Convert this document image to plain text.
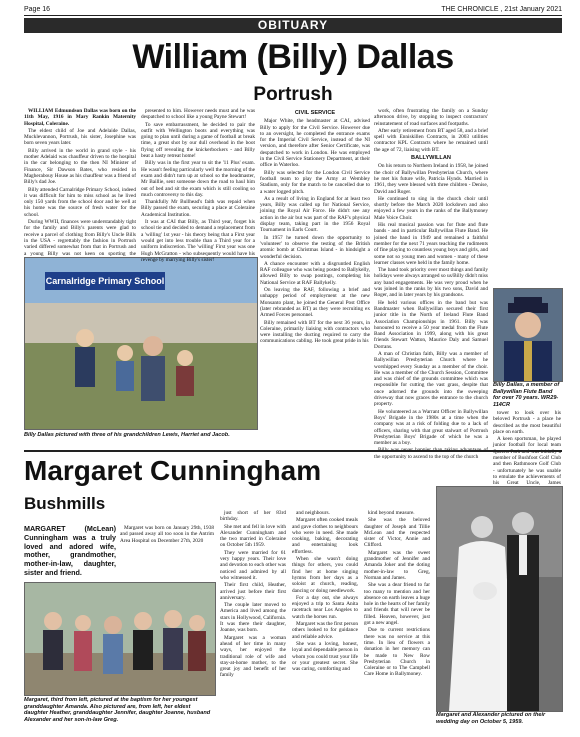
Page 16	THE CHRONICLE , 21st January 2021
OBITUARY
William (Billy) Dallas
Portrush

WILLIAM Edmundson Dallas was born on the 11th May, 1916 in Mary Rankin Maternity Hospital, Coleraine.

The eldest child of Joe and Adelaide Dallas, Mucklevannon, Portrush, his sister, Josephine was born seven years later.

Billy arrived in the world in grand style - his mother Adelaid was chauffeur driven to the hospital in the car belonging to the then NI Minister of Finance, Sir Dawson Bates, who resided in Magherabouy House as his chauffeur was a friend of Billy's dad Joe.

Billy attended Carnalridge Primary School, indeed it was difficult for him to miss school as he lived only 150 yards from the school door and he well at his home was the source of fresh water for the school.

During WWII, finances were understandably tight for the family and Billy's parents were glad to receive a parcel of clothing from Billy's Uncle Bills in the USA - regrettably the fashion in Portrush varied differed somewhat from that in Portrush and a young Billy was not keen on sporting the

Carnalridge Primary School
Billy Dallas pictured with three of his grandchildren Lewis, Harriet and Jacob.

presented to him. However needs must and he was despatched to school like a young Payne Stewart!

To save embarrassment, he decided to pair the outfit with Wellington boots and everything was going to plan until during a game of football at break time, a great shot by our dull overhead in the boot flying off revealing the knickerbockers - and Billy beat a hasty retreat home!

Billy was in the first year to sit the '11 Plus' exam. He wasn't feeling particularly well the morning of the exam and didn't turn up at school so the headmaster, Mr Baillie, sent someone down the road to haul him out of bed and sit the exam which is still cooling so much controversy to this day.

Thankfully Mr Bullhead's faith was repaid when Billy passed the exam, securing a place at Coleraine Academical Institution.

It was at CAI that Billy, as Third year, forget his school tie and decided to demand a replacement from a 'willing' 1st year - his theory being that a First year would get into less trouble than a Third year for a uniform indiscretion. The 'willing' First year was one Hugh McGratton - who subsequently would have his revenge by marrying Billy's sister!

CIVIL SERVICE

Major White, the headmaster at CAI, advised Billy to apply for the Civil Service. However due to an oversight, he completed the entrance exams for the Imperial Civil Service, instead of the NI version, and therefore after Senior Certificate, was despatched to work in London. He was employed in the Civil Service Stationery Department, at their office in Waterloo.

Billy was selected for the London Civil Service football team to play the Army at Wembley Stadium, only for the match to be cancelled due to a water logged pitch.

As a result of living in England for at least two years, Billy was called up for National Service, joining the Royal Air Force. He didn't see any action in the air but was part of the RAF's physical display team, taking part in the 1956 Royal Tournament in Earls Court.

In 1957 he turned down the opportunity to 'volunteer' to observe the testing of the British atomic bomb at Christmas Island - in hindsight a wonderful decision.

A chance encounter with a disgruntled English RAF colleague who was being posted to Ballykelly, allowed Billy to swap postings, completing his National Service at RAF Ballykelly.

On leaving the RAF, following a brief and unhappy period of employment at the new Monsanto plant, he joined the General Post Office (later rebranded as BT) as they were recruiting ex Armed Forces personnel.

Billy remained with BT for the next 36 years, in Coleraine, primarily liaising with contractors who were installing the ducting required to carry the communications cabling. He took great pride in his

work, often frustrating the family on a Sunday afternoon drive, by stopping to inspect contractors' reinstatement of road surfaces and footpaths.

After early retirement from BT aged 58, and a brief spell with Enniskillen Contracts, in 2003 utilities contractor KPL Contracts where he remained until the age of 72, liaising with BT.

BALLYWILLAN

On his return to Northern Ireland in 1958, he joined the choir of Ballywillan Presbyterian Church, where he met his future wife, Patricia Hynds. Married in 1961, they were blessed with three children - Denise, David and Roger.

He continued to sing in the church choir until shortly before the March 2020 lockdown and also enjoyed a few years in the ranks of the Ballymoney Male Voice Choir.

His real musical passion was for flute and flute bands - and in particular Ballywillan Flute Band. He joined the band in 1949 and remained a faithful member for the next 71 years teaching the rudiments of fine playing to countless young boys and girls, and some not so young men and women - many of these learner classes were held in the family home.

The band took priority over most things and family holidays were always arranged so us/Billy didn't miss any band engagements. He was very proud when he was joined in the ranks by his two sons, David and Roger, and in later years by his grandsons.

He held various offices in the band but was Bandmaster when Ballywillan secured their first junior title in the North of Ireland Flute Band Association Championships in 1961. Billy was honoured to receive a 50 year medal from the Flute Band Association in 1999, along with his great friends Stewart Watton, Maurice Daly and Samuel Dorrans.

A man of Christian faith, Billy was a member of Ballywillan Presbyterian Church where he worshipped every Sunday as a member of the choir. He was a member of the Church Session, Committee and was chief of the grounds committee which was responsible for cutting the vast grass, despite that once adorned the grounds into the sweeping driveway that now graces the entrance to the church property.

He volunteered as a Warrant Officer in Ballywillan Boys' Brigade in the 1980s at a time when the company was at a risk of folding due to a lack of officers, sharing with that great stalwart of Portrush Presbyterian Boys' Brigade of which he was a member as a boy.

the opportunity to ascend to the top of the church

Billy Dallas, a member of Ballywillan Flute Band for over 70 years. WR29-114CR

tower to look over his beloved Portrush - a place he described as the most beautiful place on earth.

A keen sportsman, he played junior football for local team member of Bushfoot Golf Club and then Rathmoore Golf Club - unfortunately he was unable to emulate the achievements of his Great Uncle, James

Margaret Cunningham
Bushmills
MARGARET (McLean) Cunningham was a truly loved and adored wife, mother, grandmother, mother-in-law, daughter, sister and friend.
Margaret, third from left, pictured at the baptism for her youngest granddaughter Amanda. Also pictured are, from left, her eldest daughter Heather, granddaughter Jennifer, daughter Joanne, husband Alexander and her son-in-law Greg.

Margaret was born on January 29th, 1938 and passed away all too soon in the Antrim Area Hospital on December 27th, 2020

just short of her 83rd birthday.

She met and fell in love with Alexander Cunningham and the two married in Coleraine on October 5th 1959.

They were married for 61 very happy years. Their love and devotion to each other was noticed and admired by all who witnessed it.

Their first child, Heather, arrived just before their first anniversary.

The couple later moved to America and lived among the stars in Hollywood, California. It was there their daughter, Joanne, was born.

Margaret was a woman ahead of her time in many ways, her enjoyed the traditional role of wife and stay-at-home mother, to the great joy and benefit of her family

and neighbours.

Margaret often cooked meals and gave clothes to neighbours who were in need. She made cooking, baking, decorating and entertaining look effortless.

When she wasn't doing things for others, you could find her at home singing hymns from her days as a soloist at church, reading, dancing or doing needlework.

For a day out, she always enjoyed a trip to Santa Anita racetrack near Los Angeles to watch the horses run.

Margaret was the first person others looked to for guidance and reliable advice.

She was a loving, honest, loyal and dependable person in whom you could trust your life or your greatest secret. She was caring, comforting and

kind beyond measure.

She was the beloved daughter of Joseph and Tillie McLean and the respected sister of Victor, Annie and Clifford.

Margaret was the sweet grandmother of Jennifer and Amanda Joker and the doting mother-in-law to Greg, Norman and James.

She was a dear friend to far too many to mention and her absence on earth leaves a huge hole in the hearts of her family and friends that will never be filled. Heaven, however, just got a new angel.

Due to current restrictions there was no service at this time. In lieu of flowers a donation in her memory can be made to New Row Presbyterian Church in Coleraine or to The Campbell Care Home in Ballymoney.

Margaret and Alexander pictured on their wedding day on October 5, 1959.
